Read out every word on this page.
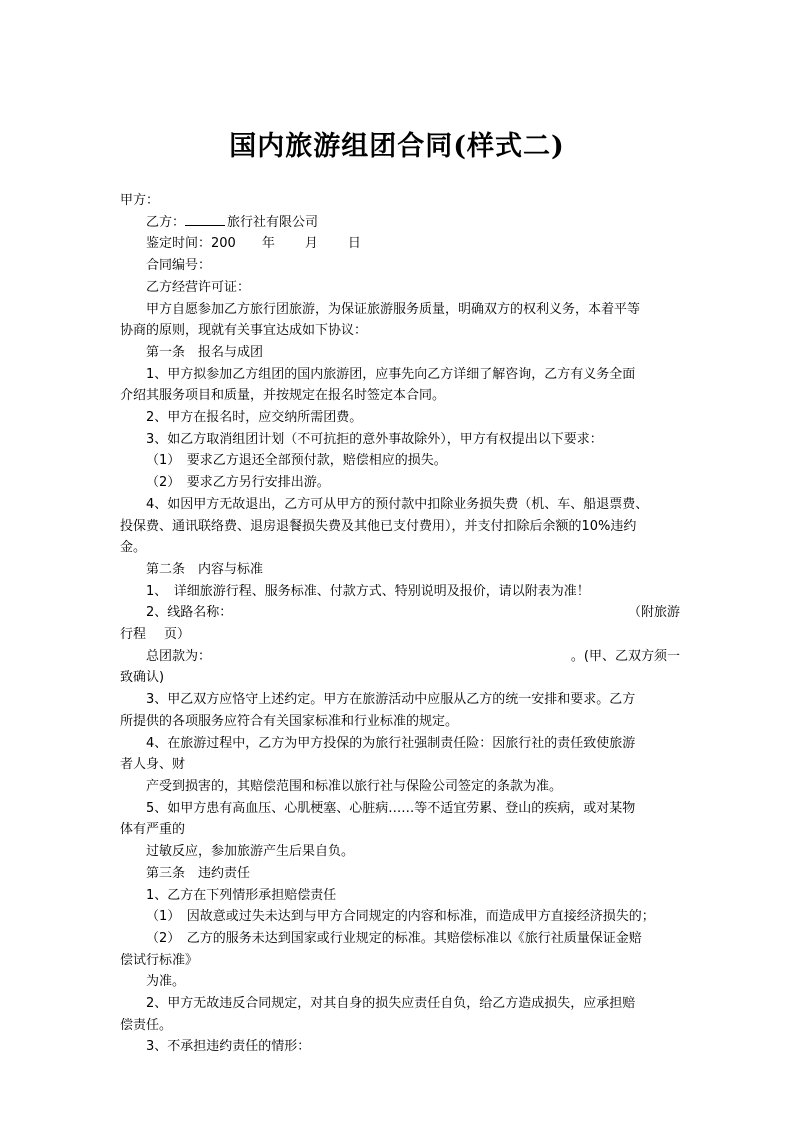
国内旅游组团合同(样式二)

甲方：

乙方：	旅行社有限公司

鉴定时间：200 年 月 日

合同编号：

乙方经营许可证：

甲方自愿参加乙方旅行团旅游，为保证旅游服务质量，明确双方的权利义务，本着平等

协商的原则，现就有关事宜达成如下协议：

第一条　报名与成团

1、甲方拟参加乙方组团的国内旅游团，应事先向乙方详细了解咨询，乙方有义务全面

介绍其服务项目和质量，并按规定在报名时签定本合同。

2、甲方在报名时，应交纳所需团费。

3、如乙方取消组团计划（不可抗拒的意外事故除外），甲方有权提出以下要求：

（1）　要求乙方退还全部预付款，赔偿相应的损失。

（2）　要求乙方另行安排出游。

4、如因甲方无故退出，乙方可从甲方的预付款中扣除业务损失费（机、车、船退票费、

投保费、通讯联络费、退房退餐损失费及其他已支付费用），并支付扣除后余额的10%违约

金。

第二条　内容与标准

1、　详细旅游行程、服务标准、付款方式、特别说明及报价，请以附表为准！

2、线路名称：	（附旅游

行程 页）

总团款为：	。(甲、乙双方须一

致确认)

3、甲乙双方应恪守上述约定。甲方在旅游活动中应服从乙方的统一安排和要求。乙方

所提供的各项服务应符合有关国家标准和行业标准的规定。

4、在旅游过程中，乙方为甲方投保的为旅行社强制责任险：因旅行社的责任致使旅游

者人身、财

产受到损害的，其赔偿范围和标准以旅行社与保险公司签定的条款为准。

5、如甲方患有高血压、心肌梗塞、心脏病……等不适宜劳累、登山的疾病，或对某物

体有严重的

过敏反应，参加旅游产生后果自负。

第三条　违约责任

1、乙方在下列情形承担赔偿责任

（1）　因故意或过失未达到与甲方合同规定的内容和标准，而造成甲方直接经济损失的；

（2）　乙方的服务未达到国家或行业规定的标准。其赔偿标准以《旅行社质量保证金赔

偿试行标准》

为准。

2、甲方无故违反合同规定，对其自身的损失应责任自负，给乙方造成损失，应承担赔

偿责任。

3、不承担违约责任的情形：
